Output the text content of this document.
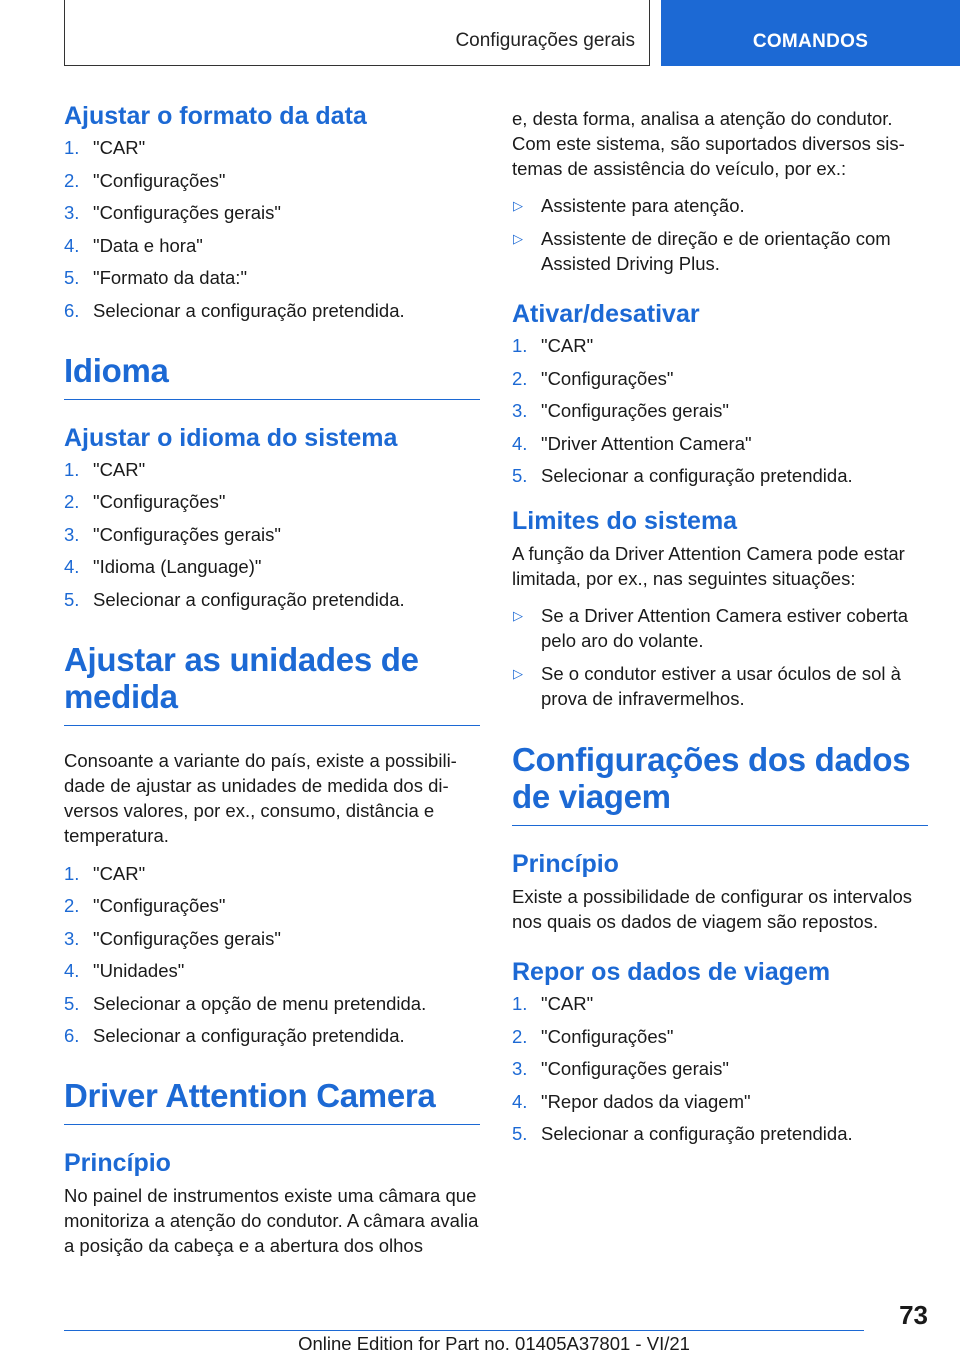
Configurações gerais	COMANDOS
Ajustar o formato da data
1. "CAR"
2. "Configurações"
3. "Configurações gerais"
4. "Data e hora"
5. "Formato da data:"
6. Selecionar a configuração pretendida.
Idioma
Ajustar o idioma do sistema
1. "CAR"
2. "Configurações"
3. "Configurações gerais"
4. "Idioma (Language)"
5. Selecionar a configuração pretendida.
Ajustar as unidades de medida

Consoante a variante do país, existe a possibili-dade de ajustar as unidades de medida dos di-versos valores, por ex., consumo, distância e temperatura.

1. "CAR"
2. "Configurações"
3. "Configurações gerais"
4. "Unidades"
5. Selecionar a opção de menu pretendida.
6. Selecionar a configuração pretendida.
Driver Attention Camera
Princípio

No painel de instrumentos existe uma câmara que monitoriza a atenção do condutor. A câmara avalia a posição da cabeça e a abertura dos olhos

e, desta forma, analisa a atenção do condutor. Com este sistema, são suportados diversos sis-temas de assistência do veículo, por ex.:

▷ Assistente para atenção.
▷ Assistente de direção e de orientação com Assisted Driving Plus.
Ativar/desativar
1. "CAR"
2. "Configurações"
3. "Configurações gerais"
4. "Driver Attention Camera"
5. Selecionar a configuração pretendida.
Limites do sistema

A função da Driver Attention Camera pode estar limitada, por ex., nas seguintes situações:

▷ Se a Driver Attention Camera estiver coberta pelo aro do volante.
▷ Se o condutor estiver a usar óculos de sol à prova de infravermelhos.
Configurações dos dados de viagem
Princípio

Existe a possibilidade de configurar os intervalos nos quais os dados de viagem são repostos.

Repor os dados de viagem
1. "CAR"
2. "Configurações"
3. "Configurações gerais"
4. "Repor dados da viagem"
5. Selecionar a configuração pretendida.
73
Online Edition for Part no. 01405A37801 - VI/21
